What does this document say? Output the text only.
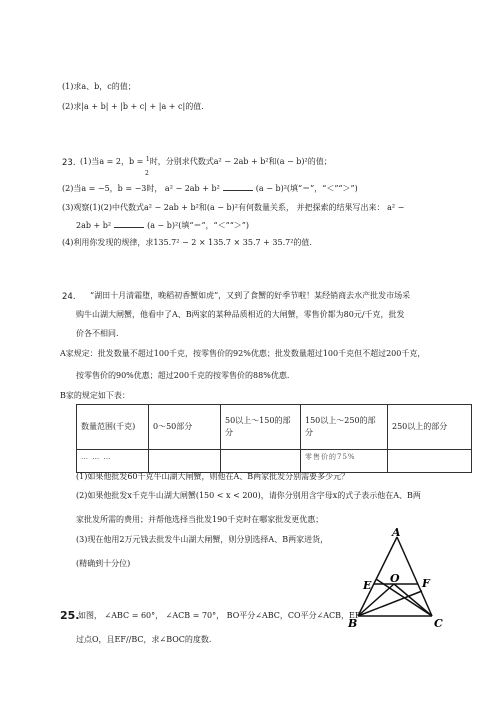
(1)求a、b，c的值；
(2)求|a + b| + |b + c| + |a + c|的值.
23. (1)当a = 2，b = $^1$时，分别求代数式a² − 2ab + b²和(a − b)²的值；
2
(2)当a = −5，b = −3时， a² − 2ab + b²	(a − b)²(填“＝”，“＜”“＞”)
(3)观察(1)(2)中代数式a² − 2ab + b²和(a − b)²有何数量关系， 并把探索的结果写出来： a² −
2ab + b²	(a − b)²(填“＝”，“＜”“＞”)
(4)利用你发现的规律，求135.7² − 2 × 135.7 × 35.7 + 35.7²的值.
24. “湖田十月清霜堕，晚稻初香蟹如虎”，又到了食蟹的好季节啦！某经销商去水产批发市场采
购牛山湖大闸蟹，他看中了A、B两家的某种品质相近的大闸蟹，零售价都为80元/千克，批发
价各不相同.
A家规定：批发数量不超过100千克，按零售价的92%优惠；批发数量超过100千克但不超过200千克，
按零售价的90%优惠；超过200千克的按零售价的88%优惠.
B家的规定如下表：
数量范围(千克)	0～50部分	50以上～150的部分	150以上～250的部分	250以上的部分
… … …			零售价的75%	
(1)如果他批发60千克牛山湖大闸蟹，则他在A、B两家批发分别需要多少元？
(2)如果他批发x千克牛山湖大闸蟹(150 < x < 200)，请你分别用含字母x的式子表示他在A、B两
家批发所需的费用；并帮他选择当批发190千克时在哪家批发更优惠；
(3)现在他用2万元钱去批发牛山湖大闸蟹，则分别选择A、B两家进货，
(精确到十分位)
25.
如图， ∠ABC = 60°， ∠ACB = 70°， BO平分∠ABC，CO平分∠ACB，EF
过点O，且EF//BC，求∠BOC的度数.
A
B	C
E	F
O
